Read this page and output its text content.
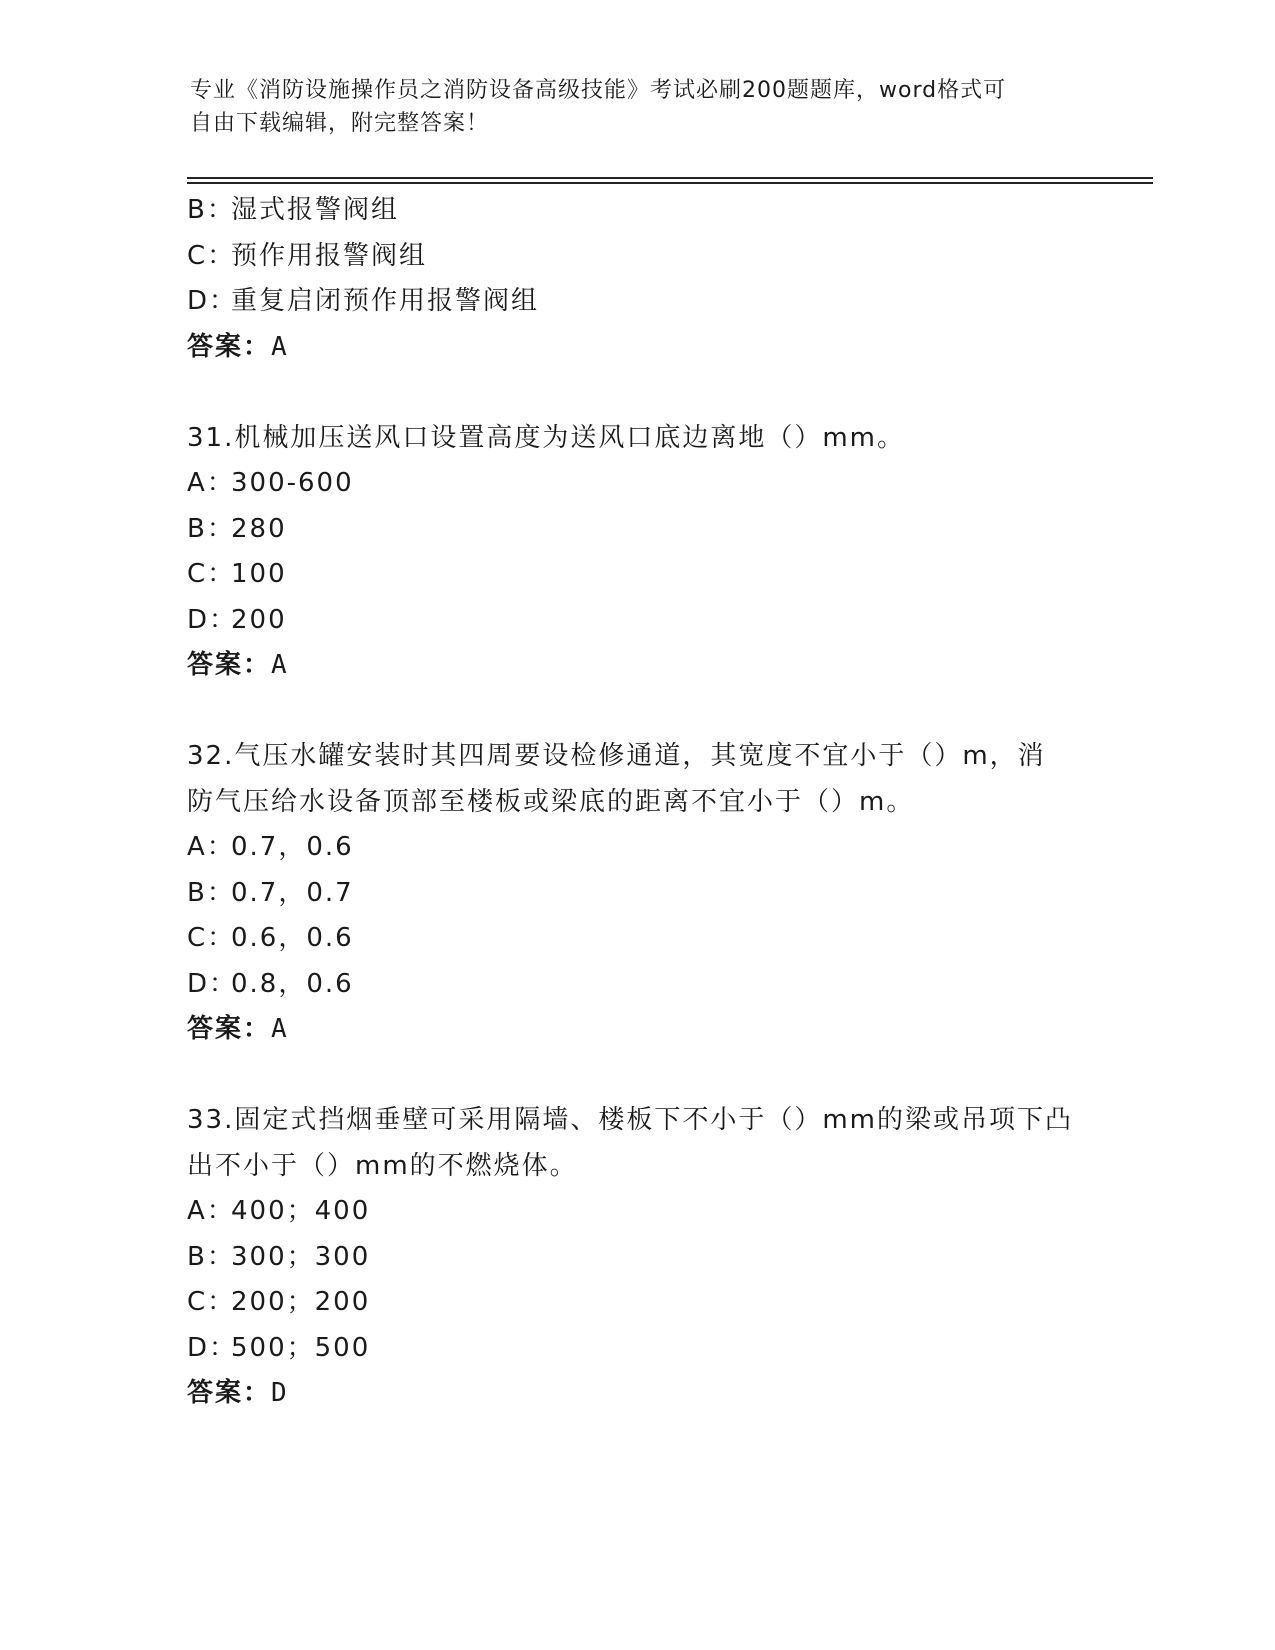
专业《消防设施操作员之消防设备高级技能》考试必刷200题题库，word格式可
自由下载编辑，附完整答案！
B：湿式报警阀组
C：预作用报警阀组
D：重复启闭预作用报警阀组
答案：A
31.机械加压送风口设置高度为送风口底边离地（）mm。
A：300-600
B：280
C：100
D：200
答案：A
32.气压水罐安装时其四周要设检修通道，其宽度不宜小于（）m，消
防气压给水设备顶部至楼板或梁底的距离不宜小于（）m。
A：0.7，0.6
B：0.7，0.7
C：0.6，0.6
D：0.8，0.6
答案：A
33.固定式挡烟垂壁可采用隔墙、楼板下不小于（）mm的梁或吊项下凸
出不小于（）mm的不燃烧体。
A：400；400
B：300；300
C：200；200
D：500；500
答案：D
